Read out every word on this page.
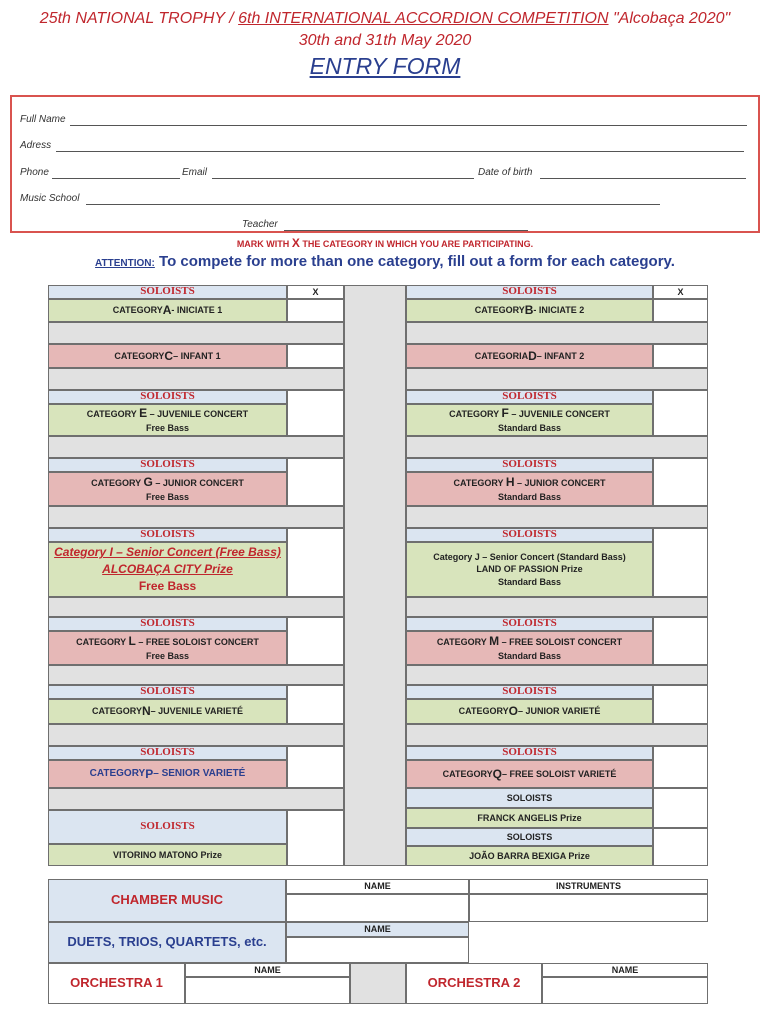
25th NATIONAL TROPHY / 6th INTERNATIONAL ACCORDION COMPETITION "Alcobaça 2020"
30th and 31th May 2020
ENTRY FORM
Full Name
Adress
Phone	Email	Date of birth
Music School
Teacher
MARK WITH X THE CATEGORY IN WHICH YOU ARE PARTICIPATING.
ATTENTION: To compete for more than one category, fill out a form for each category.
SOLOISTS	X
CATEGORY A - INICIATE 1
SOLOISTS	X
CATEGORY B - INICIATE 2
CATEGORY C – INFANT 1	CATEGORIA D – INFANT 2
SOLOISTS
CATEGORY E – JUVENILE CONCERT
Free Bass
SOLOISTS
CATEGORY F – JUVENILE CONCERT
Standard Bass
SOLOISTS
CATEGORY G – JUNIOR CONCERT
Free Bass
SOLOISTS
CATEGORY H – JUNIOR CONCERT
Standard Bass
SOLOISTS
Category I – Senior Concert (Free Bass)
ALCOBAÇA CITY Prize
Free Bass
SOLOISTS
Category J – Senior Concert (Standard Bass)
LAND OF PASSION Prize
Standard Bass
SOLOISTS
CATEGORY L – FREE SOLOIST CONCERT
Free Bass
SOLOISTS
CATEGORY M – FREE SOLOIST CONCERT
Standard Bass
SOLOISTS
CATEGORY N – JUVENILE VARIETÉ
SOLOISTS
CATEGORY O – JUNIOR VARIETÉ
SOLOISTS
CATEGORY P – SENIOR VARIETÉ
SOLOISTS
CATEGORY Q – FREE SOLOIST VARIETÉ
SOLOISTS
VITORINO MATONO Prize
SOLOISTS
FRANCK ANGELIS Prize
SOLOISTS
JOÃO BARRA BEXIGA Prize
CHAMBER MUSIC
NAME	INSTRUMENTS
DUETS, TRIOS, QUARTETS, etc.
NAME
ORCHESTRA 1
NAME
ORCHESTRA 2
NAME
